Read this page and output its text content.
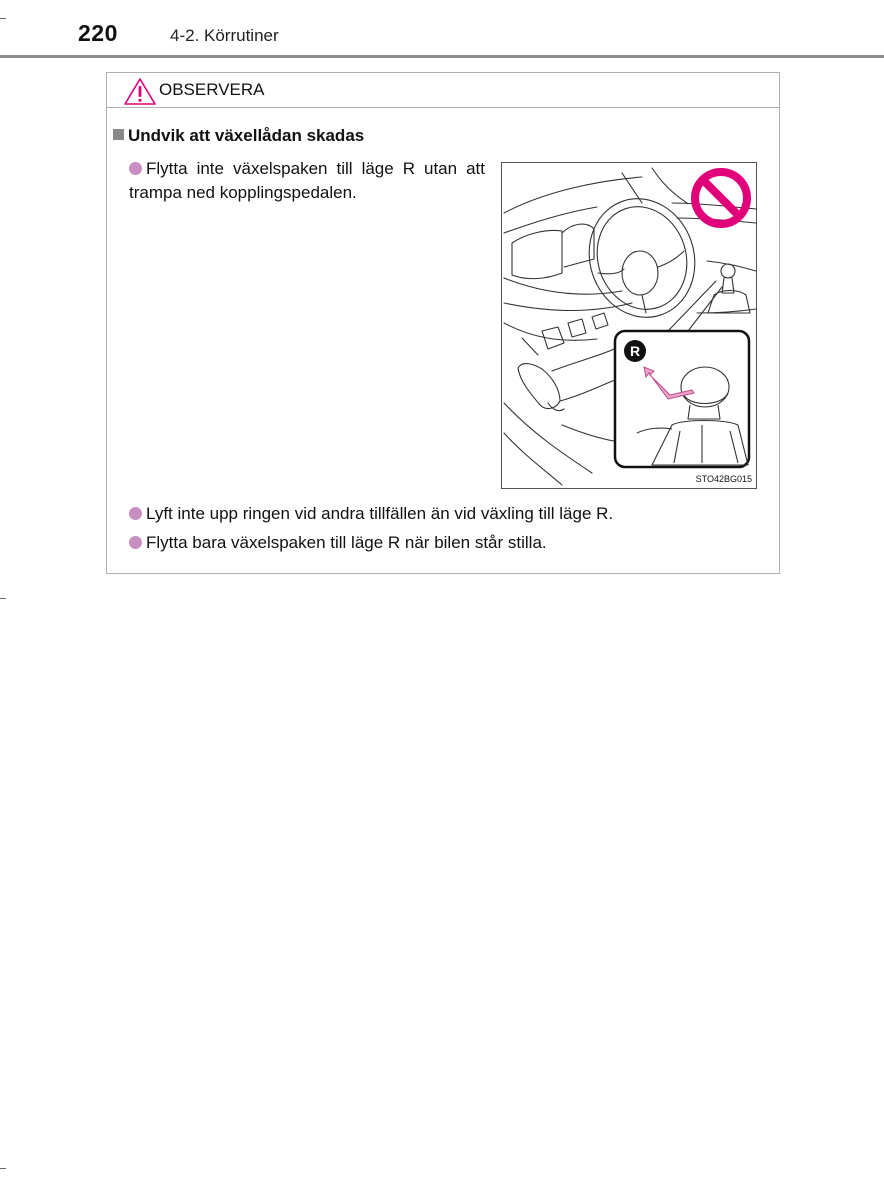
220	4-2. Körrutiner
OBSERVERA
Undvik att växellådan skadas
Flytta inte växelspaken till läge R utan att trampa ned kopplingspedalen.
R
STO42BG015
Lyft inte upp ringen vid andra tillfällen än vid växling till läge R.
Flytta bara växelspaken till läge R när bilen står stilla.
